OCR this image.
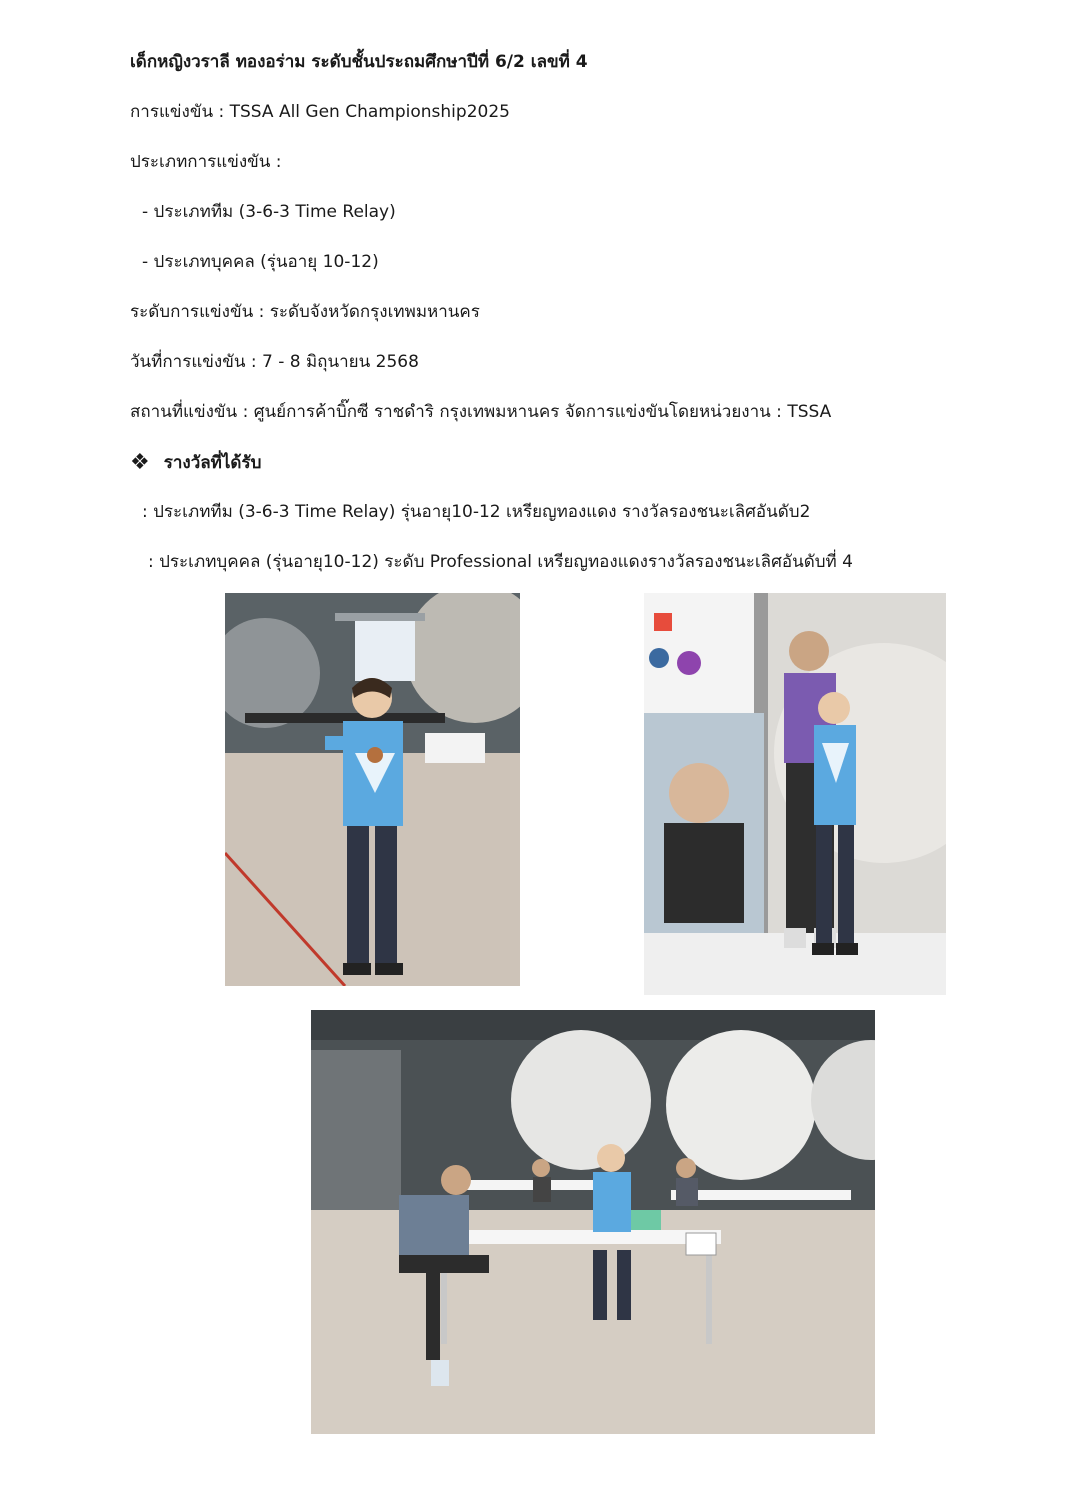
เด็กหญิงวราลี ทองอร่าม ระดับชั้นประถมศึกษาปีที่ 6/2 เลขที่ 4
การแข่งขัน : TSSA All Gen Championship2025
ประเภทการแข่งขัน :
- ประเภททีม (3-6-3 Time Relay)
- ประเภทบุคคล (รุ่นอายุ 10-12)
ระดับการแข่งขัน : ระดับจังหวัดกรุงเทพมหานคร
วันที่การแข่งขัน : 7 - 8 มิถุนายน 2568
สถานที่แข่งขัน : ศูนย์การค้าบิ๊กซี ราชดำริ กรุงเทพมหานคร จัดการแข่งขันโดยหน่วยงาน : TSSA
❖ รางวัลที่ได้รับ
: ประเภททีม (3-6-3 Time Relay) รุ่นอายุ10-12 เหรียญทองแดง รางวัลรองชนะเลิศอันดับ2
: ประเภทบุคคล (รุ่นอายุ10-12) ระดับ Professional เหรียญทองแดงรางวัลรองชนะเลิศอันดับที่ 4
